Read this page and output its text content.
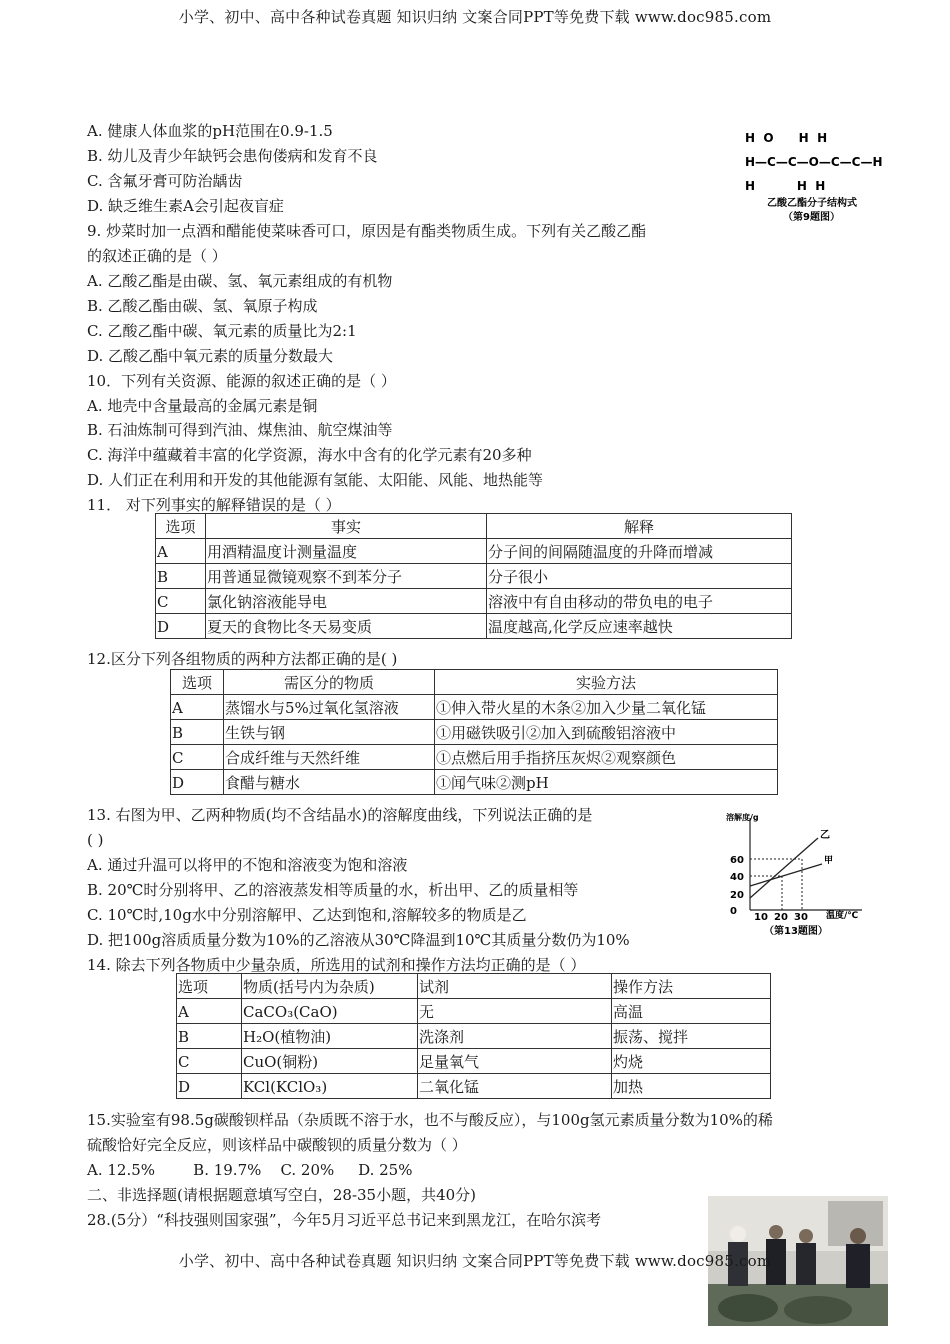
小学、初中、高中各种试卷真题 知识归纳 文案合同PPT等免费下载 www.doc985.com
A. 健康人体血浆的pH范围在0.9-1.5
B. 幼儿及青少年缺钙会患佝偻病和发育不良
C. 含氟牙膏可防治龋齿
D. 缺乏维生素A会引起夜盲症
H  O      H  H
H—C—C—O—C—C—H
H          H  H
乙酸乙酯分子结构式
（第9题图）
9. 炒菜时加一点酒和醋能使菜味香可口，原因是有酯类物质生成。下列有关乙酸乙酯
的叙述正确的是（ ）
A. 乙酸乙酯是由碳、氢、氧元素组成的有机物
B. 乙酸乙酯由碳、氢、氧原子构成
C. 乙酸乙酯中碳、氧元素的质量比为2:1
D. 乙酸乙酯中氧元素的质量分数最大
10．下列有关资源、能源的叙述正确的是（ ）
A. 地壳中含量最高的金属元素是铜
B. 石油炼制可得到汽油、煤焦油、航空煤油等
C. 海洋中蕴藏着丰富的化学资源，海水中含有的化学元素有20多种
D. 人们正在利用和开发的其他能源有氢能、太阳能、风能、地热能等
11． 对下列事实的解释错误的是（ ）
选项	事实	解释
A	用酒精温度计测量温度	分子间的间隔随温度的升降而增减
B	用普通显微镜观察不到苯分子	分子很小
C	氯化钠溶液能导电	溶液中有自由移动的带负电的电子
D	夏天的食物比冬天易变质	温度越高,化学反应速率越快
12.区分下列各组物质的两种方法都正确的是( )
选项	需区分的物质	实验方法
A	蒸馏水与5%过氧化氢溶液	①伸入带火星的木条②加入少量二氧化锰
B	生铁与钢	①用磁铁吸引②加入到硫酸铝溶液中
C	合成纤维与天然纤维	①点燃后用手指挤压灰烬②观察颜色
D	食醋与糖水	①闻气味②测pH
13. 右图为甲、乙两种物质(均不含结晶水)的溶解度曲线，下列说法正确的是
( )
A. 通过升温可以将甲的不饱和溶液变为饱和溶液
B. 20℃时分别将甲、乙的溶液蒸发相等质量的水，析出甲、乙的质量相等
C. 10℃时,10g水中分别溶解甲、乙达到饱和,溶解较多的物质是乙
D. 把100g溶质质量分数为10%的乙溶液从30℃降温到10℃其质量分数仍为10%
溶解度/g
60
40
20
0
10 20 30 温度/℃
乙
甲
（第13题图）
14. 除去下列各物质中少量杂质，所选用的试剂和操作方法均正确的是（ ）
选项	物质(括号内为杂质)	试剂	操作方法
A	CaCO₃(CaO)	无	高温
B	H₂O(植物油)	洗涤剂	振荡、搅拌
C	CuO(铜粉)	足量氧气	灼烧
D	KCl(KClO₃)	二氧化锰	加热
15.实验室有98.5g碳酸钡样品（杂质既不溶于水，也不与酸反应），与100g氢元素质量分数为10%的稀
硫酸恰好完全反应，则该样品中碳酸钡的质量分数为（ ）
A. 12.5%        B. 19.7%    C. 20%     D. 25%
二、非选择题(请根据题意填写空白，28-35小题，共40分)
28.(5分）“科技强则国家强”，今年5月习近平总书记来到黑龙江，在哈尔滨考
小学、初中、高中各种试卷真题 知识归纳 文案合同PPT等免费下载 www.doc985.com
